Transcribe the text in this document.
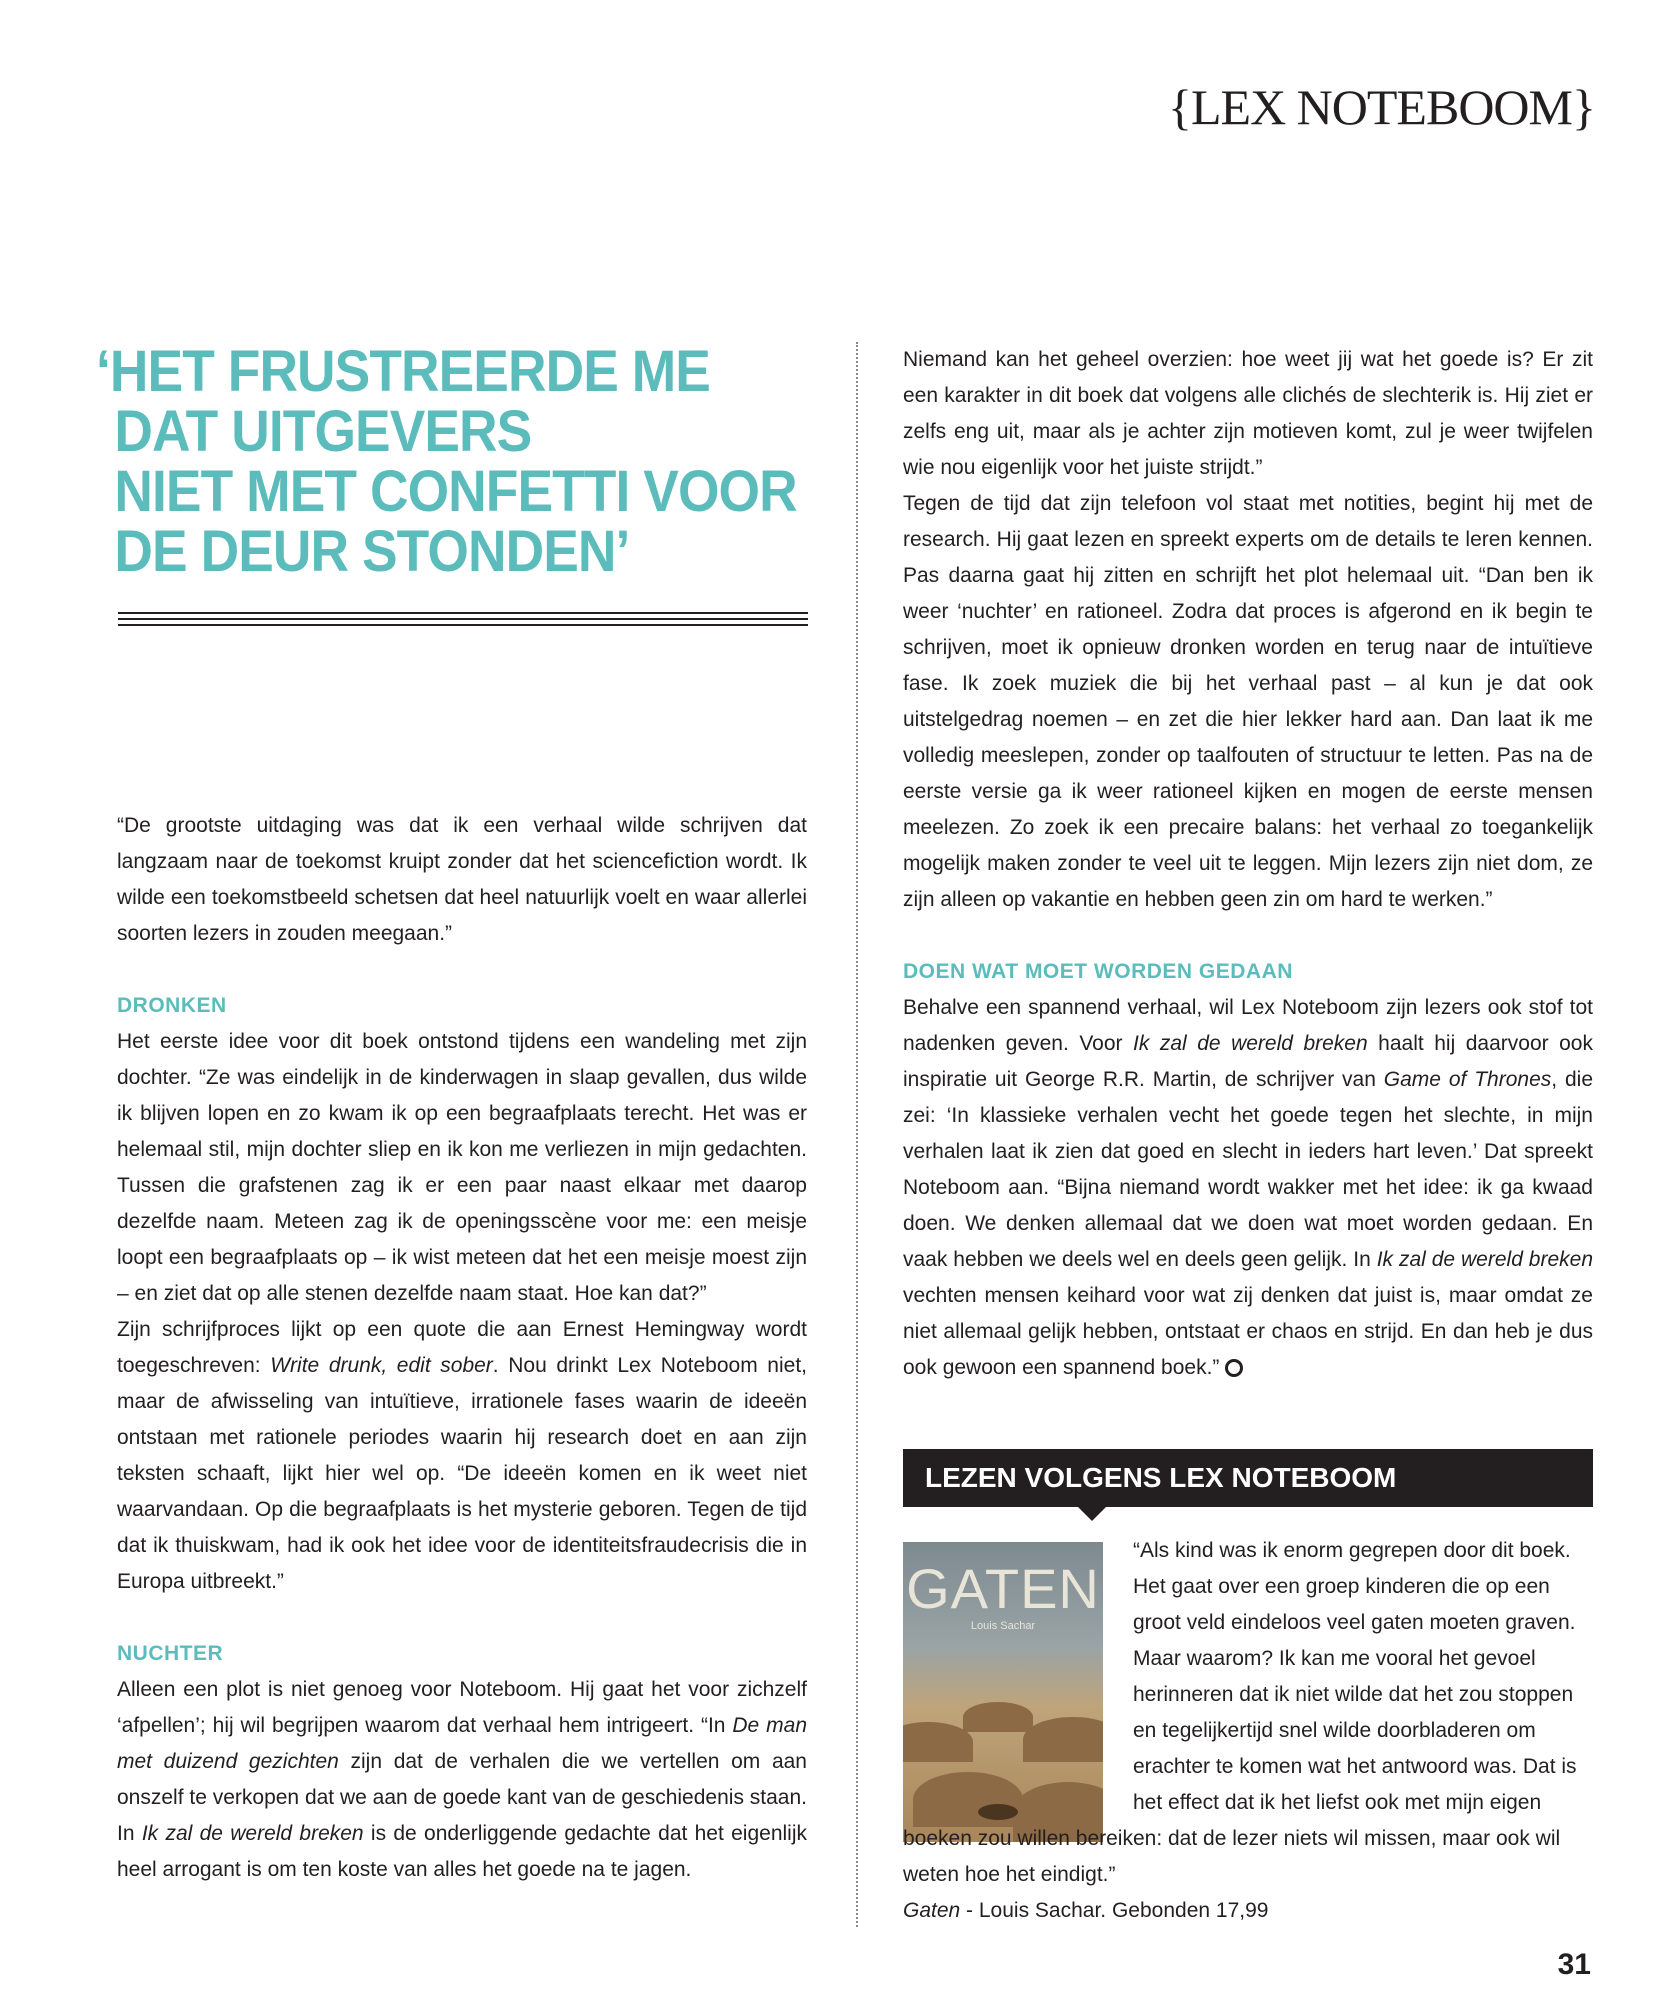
{LEX NOTEBOOM}
‘HET FRUSTREERDE ME
DAT UITGEVERS
NIET MET CONFETTI VOOR
DE DEUR STONDEN’

“De grootste uitdaging was dat ik een verhaal wilde schrijven dat langzaam naar de toekomst kruipt zonder dat het sciencefiction wordt. Ik wilde een toekomstbeeld schetsen dat heel natuurlijk voelt en waar allerlei soorten lezers in zouden meegaan.”

DRONKEN

Het eerste idee voor dit boek ontstond tijdens een wandeling met zijn dochter. “Ze was eindelijk in de kinderwagen in slaap gevallen, dus wilde ik blijven lopen en zo kwam ik op een begraafplaats terecht. Het was er helemaal stil, mijn dochter sliep en ik kon me verliezen in mijn gedachten. Tussen die grafstenen zag ik er een paar naast elkaar met daarop dezelfde naam. Meteen zag ik de openingsscène voor me: een meisje loopt een begraafplaats op – ik wist meteen dat het een meisje moest zijn – en ziet dat op alle stenen dezelfde naam staat. Hoe kan dat?”

Zijn schrijfproces lijkt op een quote die aan Ernest Hemingway wordt toegeschreven: Write drunk, edit sober. Nou drinkt Lex Noteboom niet, maar de afwisseling van intuïtieve, irrationele fases waarin de ideeën ontstaan met rationele periodes waarin hij research doet en aan zijn teksten schaaft, lijkt hier wel op. “De ideeën komen en ik weet niet waarvandaan. Op die begraafplaats is het mysterie geboren. Tegen de tijd dat ik thuiskwam, had ik ook het idee voor de identiteitsfraudecrisis die in Europa uitbreekt.”

NUCHTER

Alleen een plot is niet genoeg voor Noteboom. Hij gaat het voor zichzelf ‘afpellen’; hij wil begrijpen waarom dat verhaal hem intrigeert. “In De man met duizend gezichten zijn dat de verhalen die we vertellen om aan onszelf te verkopen dat we aan de goede kant van de geschiedenis staan. In Ik zal de wereld breken is de onderliggende gedachte dat het eigenlijk heel arrogant is om ten koste van alles het goede na te jagen.

Niemand kan het geheel overzien: hoe weet jij wat het goede is? Er zit een karakter in dit boek dat volgens alle clichés de slechterik is. Hij ziet er zelfs eng uit, maar als je achter zijn motieven komt, zul je weer twijfelen wie nou eigenlijk voor het juiste strijdt.”

Tegen de tijd dat zijn telefoon vol staat met notities, begint hij met de research. Hij gaat lezen en spreekt experts om de details te leren kennen. Pas daarna gaat hij zitten en schrijft het plot helemaal uit. “Dan ben ik weer ‘nuchter’ en rationeel. Zodra dat proces is afgerond en ik begin te schrijven, moet ik opnieuw dronken worden en terug naar de intuïtieve fase. Ik zoek muziek die bij het verhaal past – al kun je dat ook uitstelgedrag noemen – en zet die hier lekker hard aan. Dan laat ik me volledig meeslepen, zonder op taalfouten of structuur te letten. Pas na de eerste versie ga ik weer rationeel kijken en mogen de eerste mensen meelezen. Zo zoek ik een precaire balans: het verhaal zo toegankelijk mogelijk maken zonder te veel uit te leggen. Mijn lezers zijn niet dom, ze zijn alleen op vakantie en hebben geen zin om hard te werken.”

DOEN WAT MOET WORDEN GEDAAN

Behalve een spannend verhaal, wil Lex Noteboom zijn lezers ook stof tot nadenken geven. Voor Ik zal de wereld breken haalt hij daarvoor ook inspiratie uit George R.R. Martin, de schrijver van Game of Thrones, die zei: ‘In klassieke verhalen vecht het goede tegen het slechte, in mijn verhalen laat ik zien dat goed en slecht in ieders hart leven.’ Dat spreekt Noteboom aan. “Bijna niemand wordt wakker met het idee: ik ga kwaad doen. We denken allemaal dat we doen wat moet worden gedaan. En vaak hebben we deels wel en deels geen gelijk. In Ik zal de wereld breken vechten mensen keihard voor wat zij denken dat juist is, maar omdat ze niet allemaal gelijk hebben, ontstaat er chaos en strijd. En dan heb je dus ook gewoon een spannend boek.”

LEZEN VOLGENS LEX NOTEBOOM
GATEN
Louis Sachar

“Als kind was ik enorm gegrepen door dit boek. Het gaat over een groep kinderen die op een groot veld eindeloos veel gaten moeten graven. Maar waarom? Ik kan me vooral het gevoel herinneren dat ik niet wilde dat het zou stoppen en tegelijkertijd snel wilde doorbladeren om erachter te komen wat het antwoord was. Dat is het effect dat ik het liefst ook met mijn eigen boeken zou willen bereiken: dat de lezer niets wil missen, maar ook wil weten hoe het eindigt.”

Gaten - Louis Sachar. Gebonden 17,99

31
